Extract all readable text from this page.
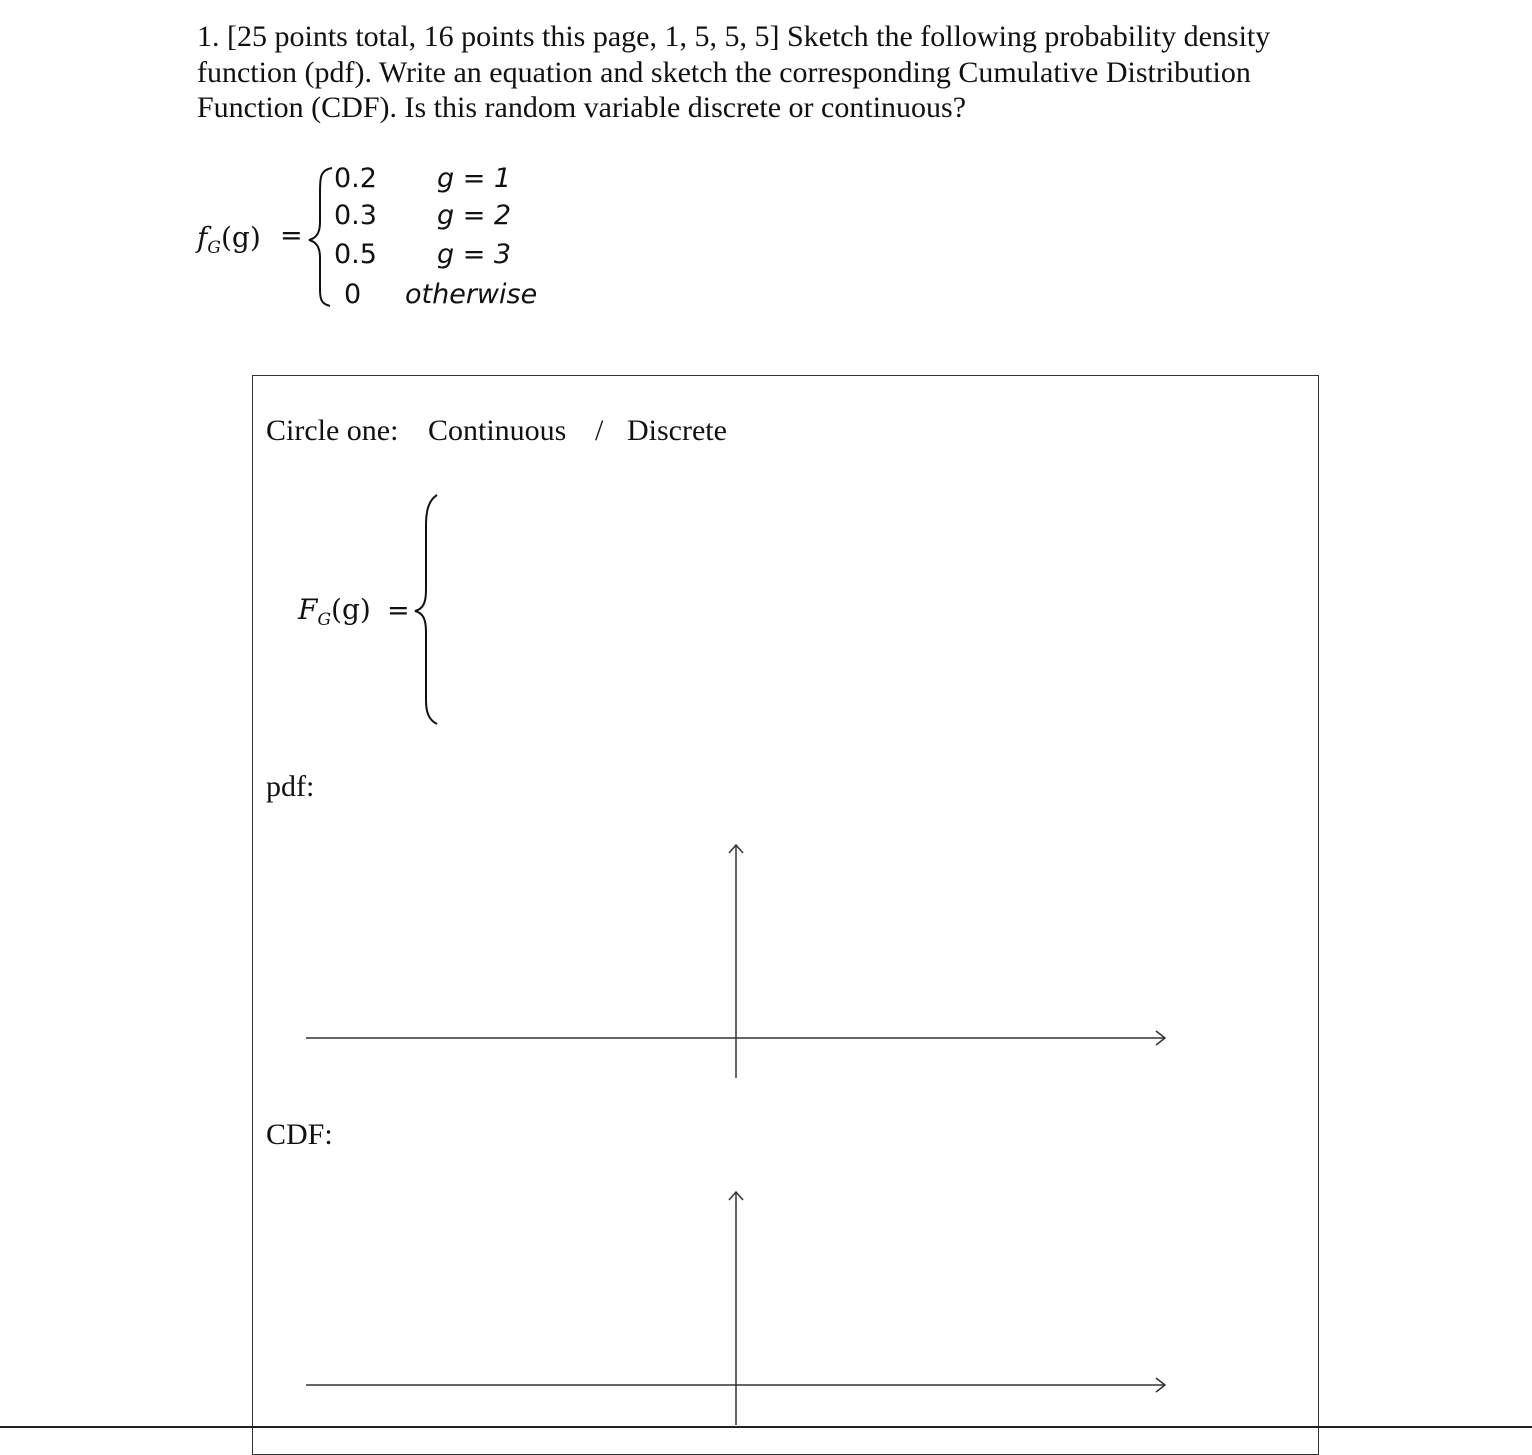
1. [25 points total, 16 points this page, 1, 5, 5, 5] Sketch the following probability density function (pdf). Write an equation and sketch the corresponding Cumulative Distribution Function (CDF). Is this random variable discrete or continuous?

$f_G(g)$ =
0.2
0.3
0.5
0
g = 1
g = 2
g = 3
otherwise
Circle one: Continuous / Discrete
$F_G(g)$ =
pdf:
CDF:
